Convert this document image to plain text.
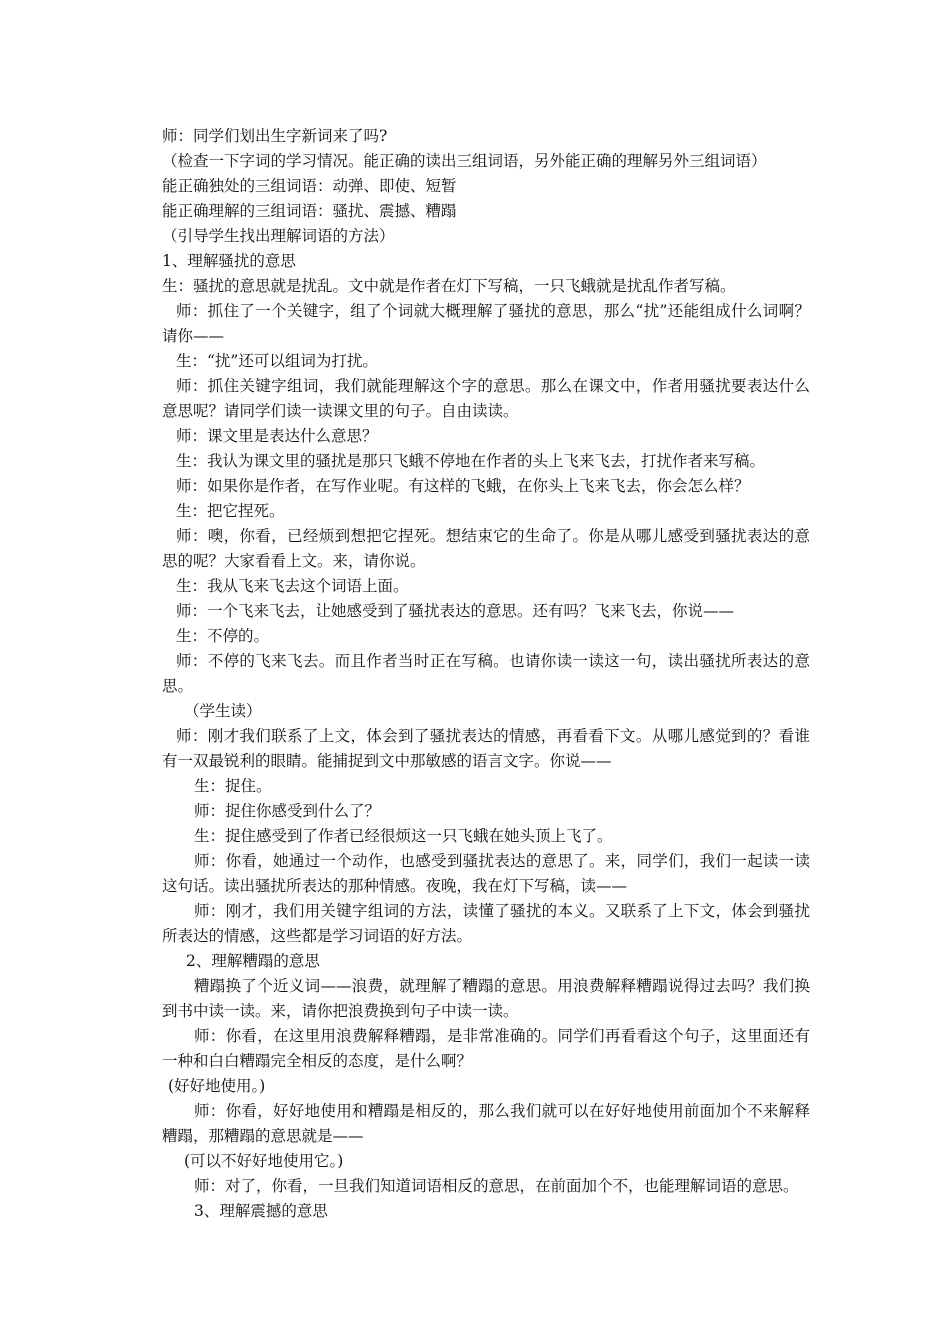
师：同学们划出生字新词来了吗?

（检查一下字词的学习情况。能正确的读出三组词语，另外能正确的理解另外三组词语）

能正确独处的三组词语：动弹、即使、短暂

能正确理解的三组词语：骚扰、震撼、糟蹋

（引导学生找出理解词语的方法）

1、理解骚扰的意思

生：骚扰的意思就是扰乱。文中就是作者在灯下写稿，一只飞蛾就是扰乱作者写稿。

师：抓住了一个关键字，组了个词就大概理解了骚扰的意思，那么“扰”还能组成什么词啊？请你——

生：“扰”还可以组词为打扰。

师：抓住关键字组词，我们就能理解这个字的意思。那么在课文中，作者用骚扰要表达什么意思呢？请同学们读一读课文里的句子。自由读读。

师：课文里是表达什么意思？

生：我认为课文里的骚扰是那只飞蛾不停地在作者的头上飞来飞去，打扰作者来写稿。

师：如果你是作者，在写作业呢。有这样的飞蛾，在你头上飞来飞去，你会怎么样？

生：把它捏死。

师：噢，你看，已经烦到想把它捏死。想结束它的生命了。你是从哪儿感受到骚扰表达的意思的呢？大家看看上文。来，请你说。

生：我从飞来飞去这个词语上面。

师：一个飞来飞去，让她感受到了骚扰表达的意思。还有吗？飞来飞去，你说——

生：不停的。

师：不停的飞来飞去。而且作者当时正在写稿。也请你读一读这一句，读出骚扰所表达的意思。

（学生读）

师：刚才我们联系了上文，体会到了骚扰表达的情感，再看看下文。从哪儿感觉到的？看谁有一双最锐利的眼睛。能捕捉到文中那敏感的语言文字。你说——

生：捉住。

师：捉住你感受到什么了？

生：捉住感受到了作者已经很烦这一只飞蛾在她头顶上飞了。

师：你看，她通过一个动作，也感受到骚扰表达的意思了。来，同学们，我们一起读一读这句话。读出骚扰所表达的那种情感。夜晚，我在灯下写稿，读——

师：刚才，我们用关键字组词的方法，读懂了骚扰的本义。又联系了上下文，体会到骚扰所表达的情感，这些都是学习词语的好方法。

2、理解糟蹋的意思

糟蹋换了个近义词——浪费，就理解了糟蹋的意思。用浪费解释糟蹋说得过去吗？我们换到书中读一读。来，请你把浪费换到句子中读一读。

师：你看，在这里用浪费解释糟蹋，是非常准确的。同学们再看看这个句子，这里面还有一种和白白糟蹋完全相反的态度，是什么啊？

(好好地使用。)

师：你看，好好地使用和糟蹋是相反的，那么我们就可以在好好地使用前面加个不来解释糟蹋，那糟蹋的意思就是——

(可以不好好地使用它。)

师：对了，你看，一旦我们知道词语相反的意思，在前面加个不，也能理解词语的意思。

3、理解震撼的意思
